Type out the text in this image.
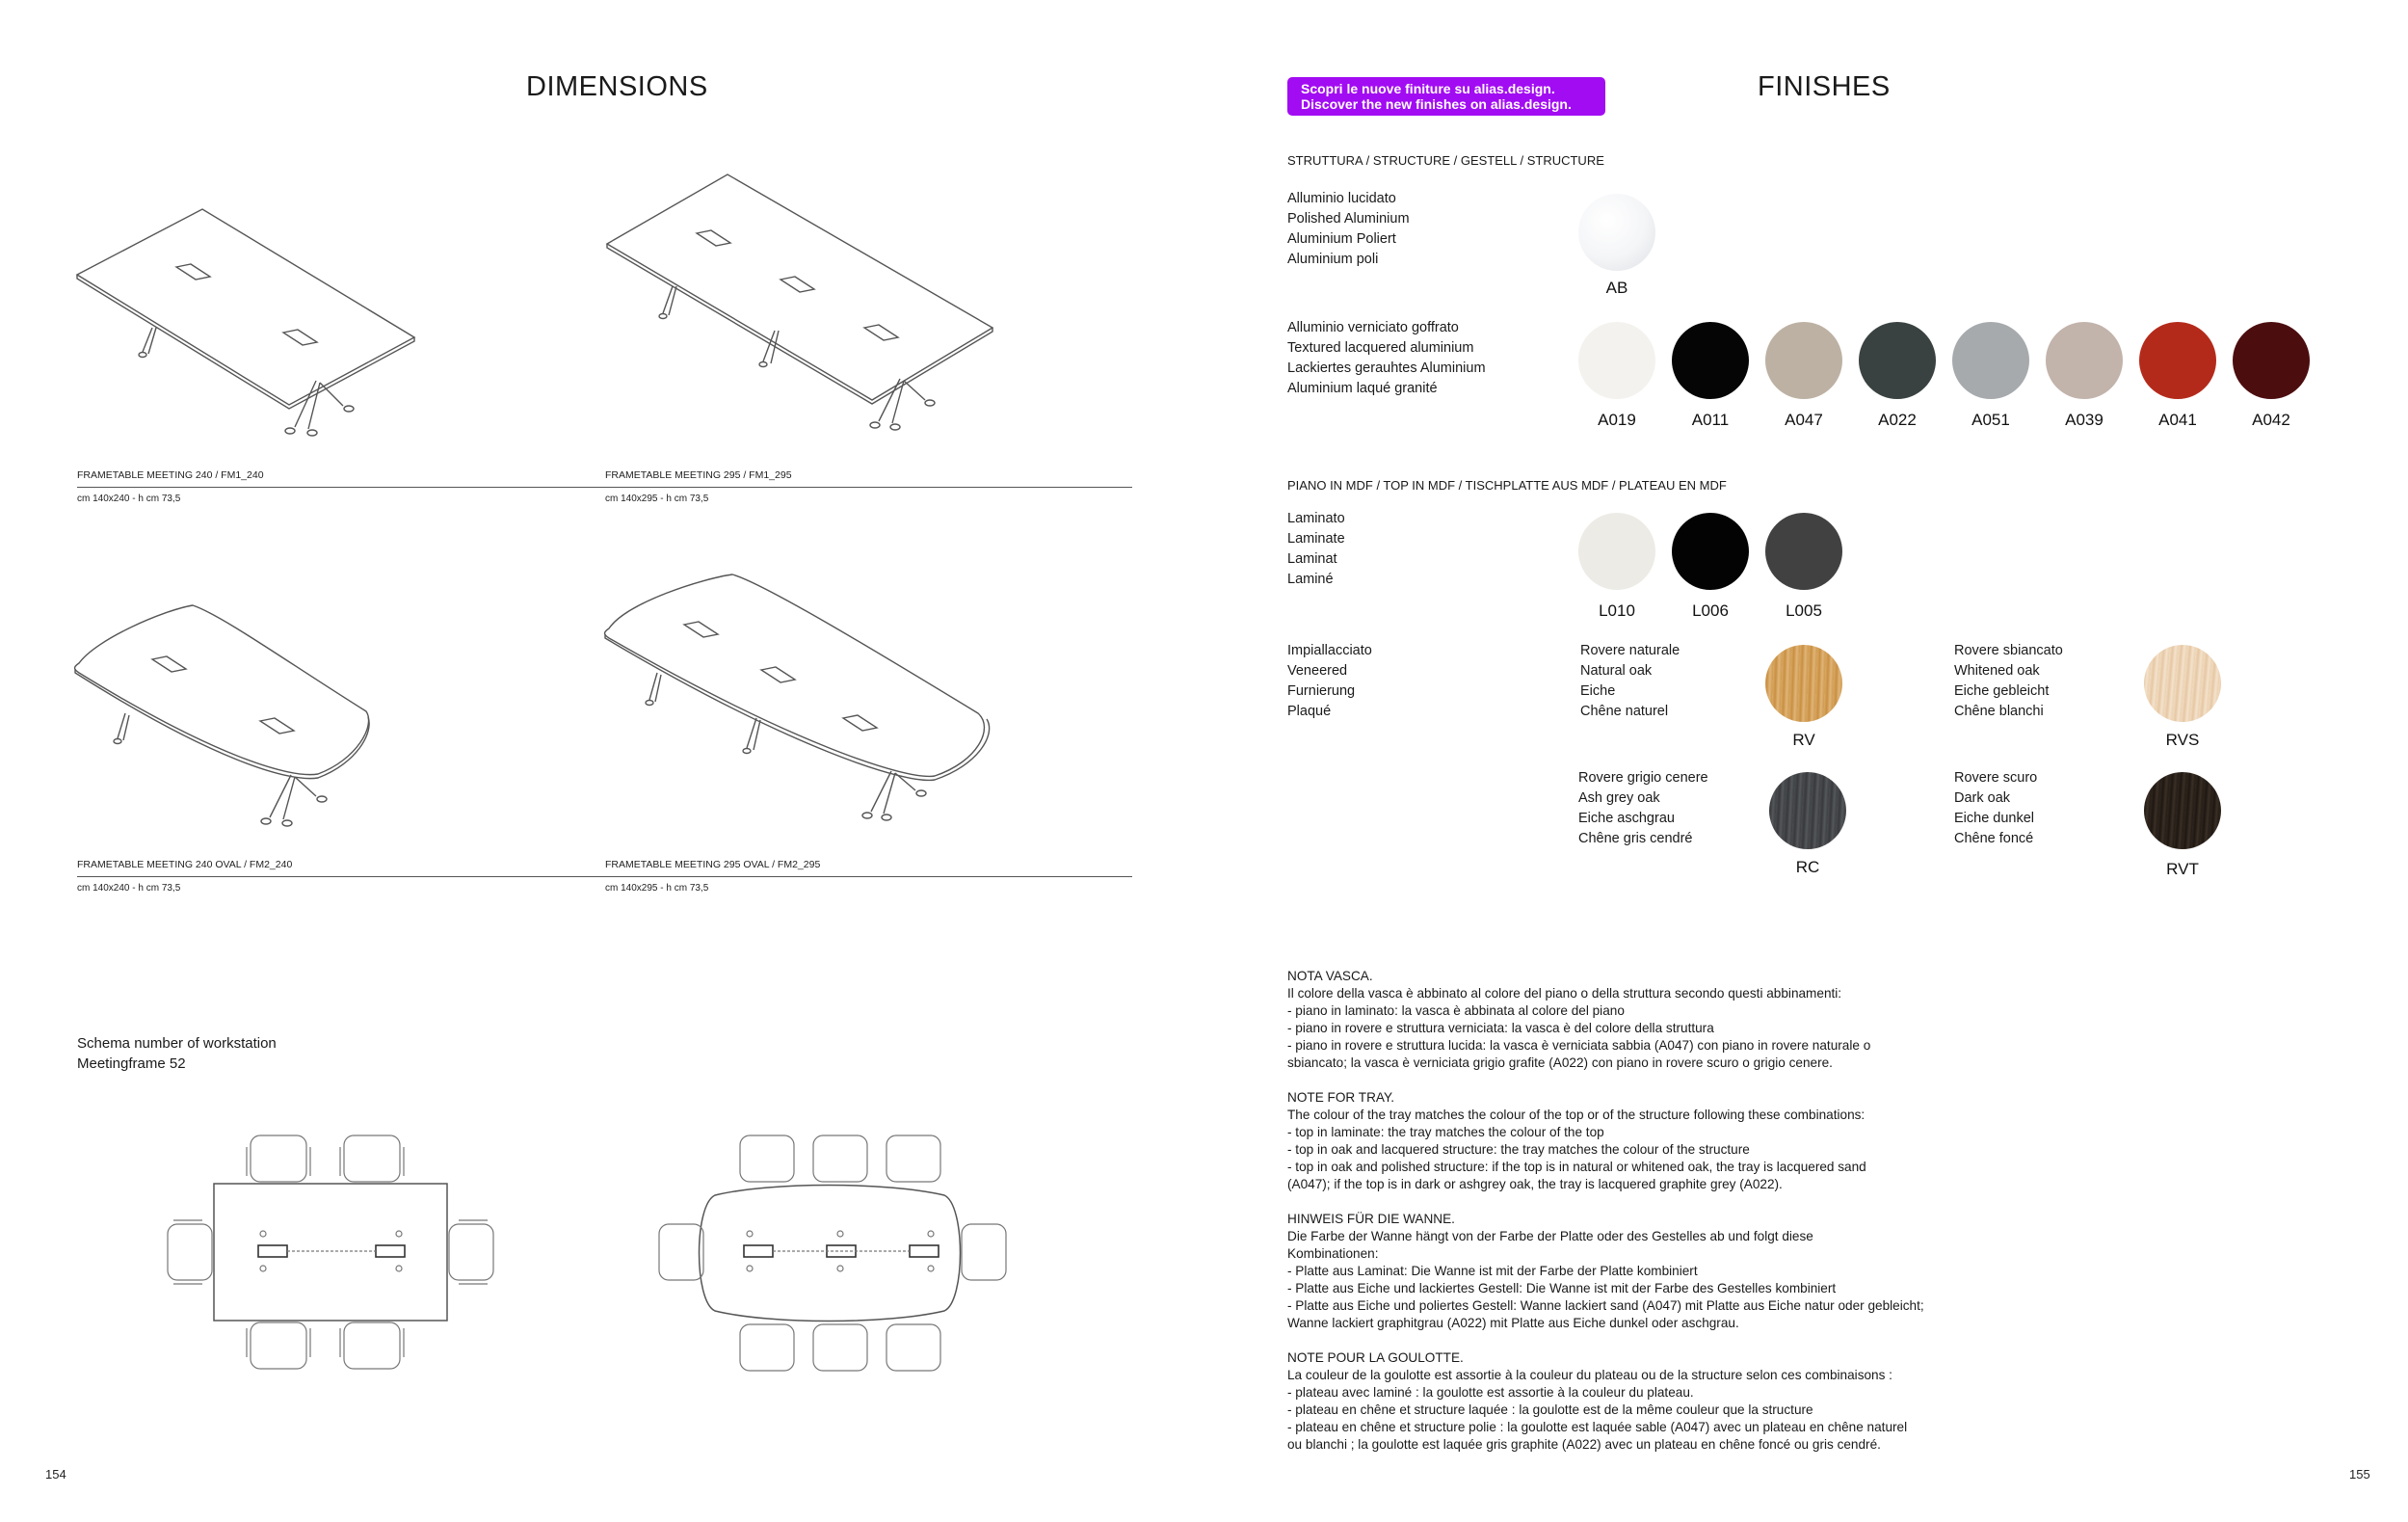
DIMENSIONS
FRAMETABLE MEETING 240 / FM1_240	FRAMETABLE MEETING 295 / FM1_295
cm 140x240 - h cm 73,5	cm 140x295 - h cm 73,5
FRAMETABLE MEETING 240 OVAL / FM2_240	FRAMETABLE MEETING 295 OVAL / FM2_295
cm 140x240 - h cm 73,5	cm 140x295 - h cm 73,5
Schema number of workstation
Meetingframe 52
154
Scopri le nuove finiture su alias.design.
Discover the new finishes on alias.design.
FINISHES
STRUTTURA / STRUCTURE / GESTELL / STRUCTURE
Alluminio lucidato
Polished Aluminium
Aluminium Poliert
Aluminium poli
AB
Alluminio verniciato goffrato
Textured lacquered aluminium
Lackiertes gerauhtes Aluminium
Aluminium laqué granité
A019	A011	A047	A022	A051	A039	A041	A042
PIANO IN MDF / TOP IN MDF / TISCHPLATTE AUS MDF / PLATEAU EN MDF
Laminato
Laminate
Laminat
Laminé
L010	L006	L005
Impiallacciato
Veneered
Furnierung
Plaqué
Rovere naturale
Natural oak
Eiche
Chêne naturel
RV
Rovere sbiancato
Whitened oak
Eiche gebleicht
Chêne blanchi
RVS
Rovere grigio cenere
Ash grey oak
Eiche aschgrau
Chêne gris cendré
RC
Rovere scuro
Dark oak
Eiche dunkel
Chêne foncé
RVT
NOTA VASCA.
Il colore della vasca è abbinato al colore del piano o della struttura secondo questi abbinamenti:
- piano in laminato: la vasca è abbinata al colore del piano
- piano in rovere e struttura verniciata: la vasca è del colore della struttura
- piano in rovere e struttura lucida: la vasca è verniciata sabbia (A047) con piano in rovere naturale o
sbiancato; la vasca è verniciata grigio grafite (A022) con piano in rovere scuro o grigio cenere.
NOTE FOR TRAY.
The colour of the tray matches the colour of the top or of the structure following these combinations:
- top in laminate: the tray matches the colour of the top
- top in oak and lacquered structure: the tray matches the colour of the structure
- top in oak and polished structure: if the top is in natural or whitened oak, the tray is lacquered sand
(A047); if the top is in dark or ashgrey oak, the tray is lacquered graphite grey (A022).
HINWEIS FÜR DIE WANNE.
Die Farbe der Wanne hängt von der Farbe der Platte oder des Gestelles ab und folgt diese
Kombinationen:
- Platte aus Laminat: Die Wanne ist mit der Farbe der Platte kombiniert
- Platte aus Eiche und lackiertes Gestell: Die Wanne ist mit der Farbe des Gestelles kombiniert
- Platte aus Eiche und poliertes Gestell: Wanne lackiert sand (A047) mit Platte aus Eiche natur oder gebleicht;
Wanne lackiert graphitgrau (A022) mit Platte aus Eiche dunkel oder aschgrau.
NOTE POUR LA GOULOTTE.
La couleur de la goulotte est assortie à la couleur du plateau ou de la structure selon ces combinaisons :
- plateau avec laminé : la goulotte est assortie à la couleur du plateau.
- plateau en chêne et structure laquée : la goulotte est de la même couleur que la structure
- plateau en chêne et structure polie : la goulotte est laquée sable (A047) avec un plateau en chêne naturel
ou blanchi ; la goulotte est laquée gris graphite (A022) avec un plateau en chêne foncé ou gris cendré.
155
